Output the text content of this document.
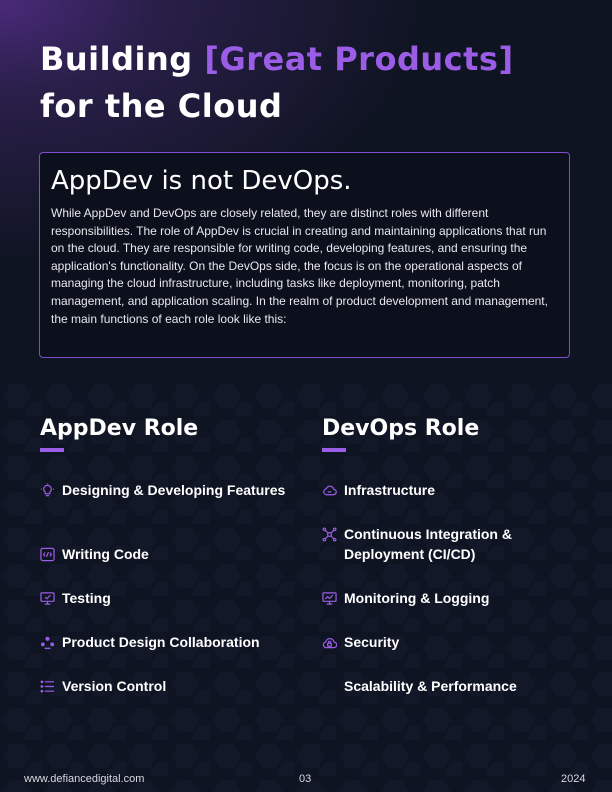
Building [Great Products]
for the Cloud
AppDev is not DevOps.

While AppDev and DevOps are closely related, they are distinct roles with different responsibilities. The role of AppDev is crucial in creating and maintaining applications that run on the cloud. They are responsible for writing code, developing features, and ensuring the application's functionality. On the DevOps side, the focus is on the operational aspects of managing the cloud infrastructure, including tasks like deployment, monitoring, patch management, and application scaling. In the realm of product development and management, the main functions of each role look like this:

AppDev Role
Designing & Developing Features
Writing Code
Testing
Product Design Collaboration
Version Control
DevOps Role
Infrastructure
Continuous Integration & Deployment (CI/CD)
Monitoring & Logging
Security
Scalability & Performance
www.defiancedigital.com	03	2024
